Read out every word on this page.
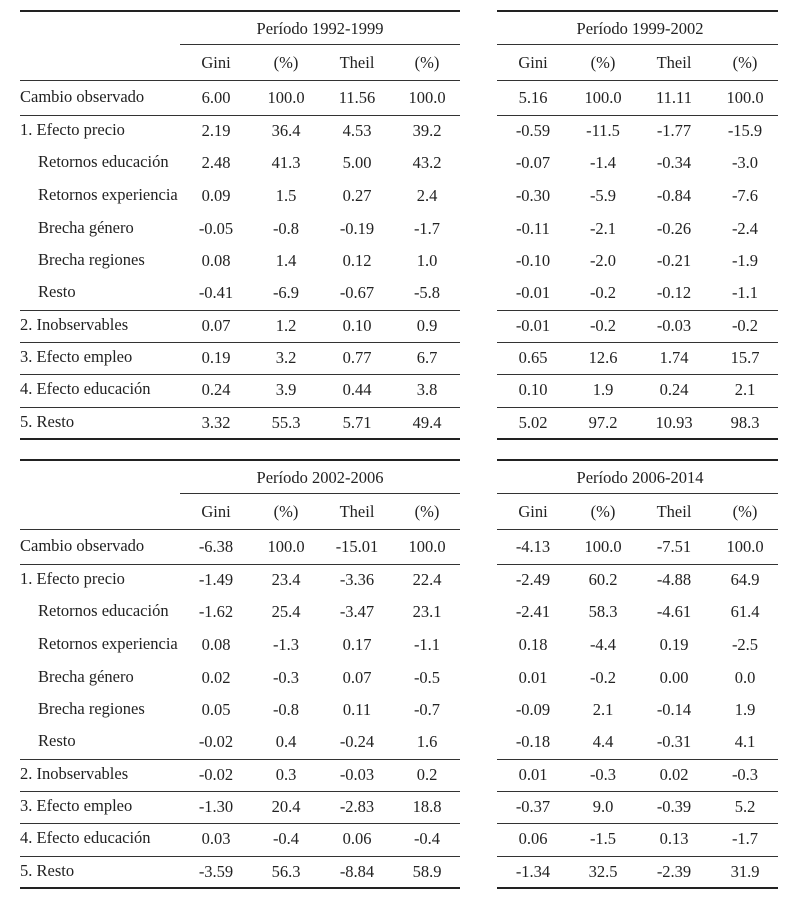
Período 1992-1999	Período 1999-2002
Gini	(%) Theil (%)	Gini	(%) Theil (%)
Cambio observado	6.00 100.0 11.56 100.0	5.16 100.0 11.11 100.0
1. Efecto precio	2.19 36.4	4.53 39.2	-0.59 -11.5 -1.77 -15.9
Retornos educación 2.48 41.3	5.00 43.2	-0.07 -1.4 -0.34 -3.0
Retornos experiencia 0.09	1.5	0.27	2.4	-0.30 -5.9 -0.84 -7.6
Brecha género	-0.05 -0.8 -0.19 -1.7	-0.11 -2.1 -0.26 -2.4
Brecha regiones	0.08	1.4	0.12	1.0	-0.10 -2.0 -0.21 -1.9
Resto	-0.41 -6.9 -0.67 -5.8	-0.01 -0.2 -0.12 -1.1
2. Inobservables	0.07	1.2	0.10	0.9	-0.01 -0.2 -0.03 -0.2
3. Efecto empleo	0.19	3.2	0.77	6.7	0.65 12.6	1.74	15.7
4. Efecto educación	0.24	3.9	0.44	3.8	0.10	1.9	0.24	2.1
5. Resto	3.32 55.3	5.71 49.4	5.02 97.2 10.93 98.3
Período 2002-2006	Período 2006-2014
Gini	(%) Theil (%)	Gini	(%) Theil (%)
Cambio observado	-6.38 100.0 -15.01 100.0	-4.13 100.0 -7.51 100.0
1. Efecto precio	-1.49 23.4 -3.36 22.4	-2.49 60.2 -4.88 64.9
Retornos educación -1.62 25.4 -3.47 23.1	-2.41 58.3 -4.61 61.4
Retornos experiencia 0.08	-1.3	0.17	-1.1	0.18	-4.4	0.19	-2.5
Brecha género	0.02	-0.3	0.07	-0.5	0.01	-0.2	0.00	0.0
Brecha regiones	0.05	-0.8	0.11	-0.7	-0.09	2.1	-0.14	1.9
Resto	-0.02	0.4	-0.24	1.6	-0.18	4.4	-0.31	4.1
2. Inobservables	-0.02	0.3	-0.03	0.2	0.01	-0.3	0.02	-0.3
3. Efecto empleo	-1.30 20.4 -2.83 18.8	-0.37	9.0	-0.39	5.2
4. Efecto educación	0.03	-0.4	0.06	-0.4	0.06	-1.5	0.13	-1.7
5. Resto	-3.59 56.3 -8.84 58.9	-1.34 32.5 -2.39 31.9
